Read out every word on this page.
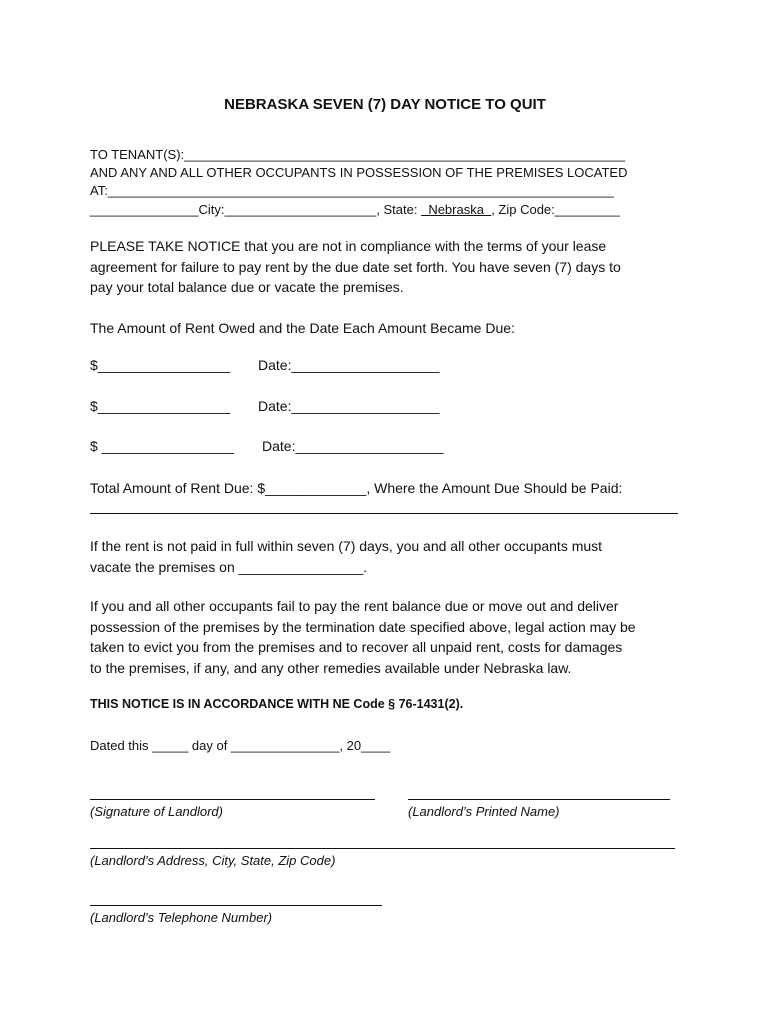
NEBRASKA SEVEN (7) DAY NOTICE TO QUIT
TO TENANT(S):_____________________________________________________________
AND ANY AND ALL OTHER OCCUPANTS IN POSSESSION OF THE PREMISES LOCATED
AT:______________________________________________________________________
_______________City:_____________________, State:   Nebraska  , Zip Code:_________
PLEASE TAKE NOTICE that you are not in compliance with the terms of your lease
agreement for failure to pay rent by the due date set forth. You have seven (7) days to
pay your total balance due or vacate the premises.
The Amount of Rent Owed and the Date Each Amount Became Due:
$_________________	Date:___________________
$_________________	Date:___________________
$ _________________	Date:___________________
Total Amount of Rent Due: $_____________, Where the Amount Due Should be Paid:
If the rent is not paid in full within seven (7) days, you and all other occupants must
vacate the premises on ________________.
If you and all other occupants fail to pay the rent balance due or move out and deliver
possession of the premises by the termination date specified above, legal action may be
taken to evict you from the premises and to recover all unpaid rent, costs for damages
to the premises, if any, and any other remedies available under Nebraska law.
THIS NOTICE IS IN ACCORDANCE WITH NE Code § 76-1431(2).
Dated this _____ day of _______________, 20____
(Signature of Landlord)	(Landlord’s Printed Name)
(Landlord’s Address, City, State, Zip Code)
(Landlord’s Telephone Number)
